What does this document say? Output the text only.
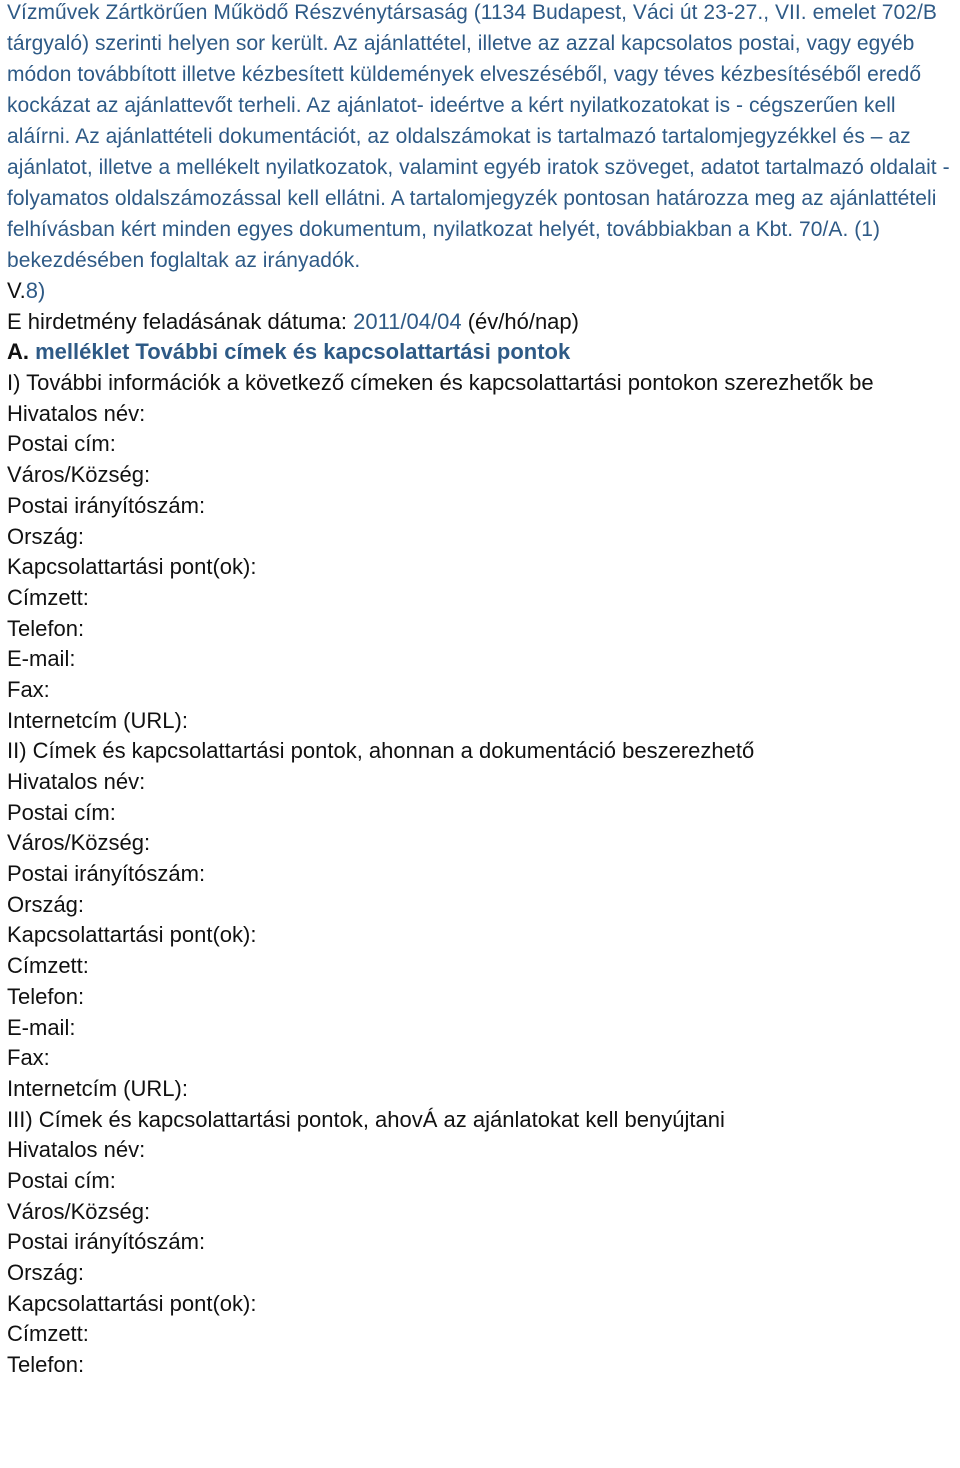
Vízművek Zártkörűen Működő Részvénytársaság (1134 Budapest, Váci út 23-27., VII. emelet 702/B tárgyaló) szerinti helyen sor került. Az ajánlattétel, illetve az azzal kapcsolatos postai, vagy egyéb módon továbbított illetve kézbesített küldemények elveszéséből, vagy téves kézbesítéséből eredő kockázat az ajánlattevőt terheli. Az ajánlatot- ideértve a kért nyilatkozatokat is - cégszerűen kell aláírni. Az ajánlattételi dokumentációt, az oldalszámokat is tartalmazó tartalomjegyzékkel és – az ajánlatot, illetve a mellékelt nyilatkozatok, valamint egyéb iratok szöveget, adatot tartalmazó oldalait - folyamatos oldalszámozással kell ellátni. A tartalomjegyzék pontosan határozza meg az ajánlattételi felhívásban kért minden egyes dokumentum, nyilatkozat helyét, továbbiakban a Kbt. 70/A. (1) bekezdésében foglaltak az irányadók.

V.8)
E hirdetmény feladásának dátuma: 2011/04/04 (év/hó/nap)
A. melléklet További címek és kapcsolattartási pontok
I) További információk a következő címeken és kapcsolattartási pontokon szerezhetők be
Hivatalos név:
Postai cím:
Város/Község:
Postai irányítószám:
Ország:
Kapcsolattartási pont(ok):
Címzett:
Telefon:
E-mail:
Fax:
Internetcím (URL):
II) Címek és kapcsolattartási pontok, ahonnan a dokumentáció beszerezhető
Hivatalos név:
Postai cím:
Város/Község:
Postai irányítószám:
Ország:
Kapcsolattartási pont(ok):
Címzett:
Telefon:
E-mail:
Fax:
Internetcím (URL):
III) Címek és kapcsolattartási pontok, ahovÁ az ajánlatokat kell benyújtani
Hivatalos név:
Postai cím:
Város/Község:
Postai irányítószám:
Ország:
Kapcsolattartási pont(ok):
Címzett:
Telefon:
